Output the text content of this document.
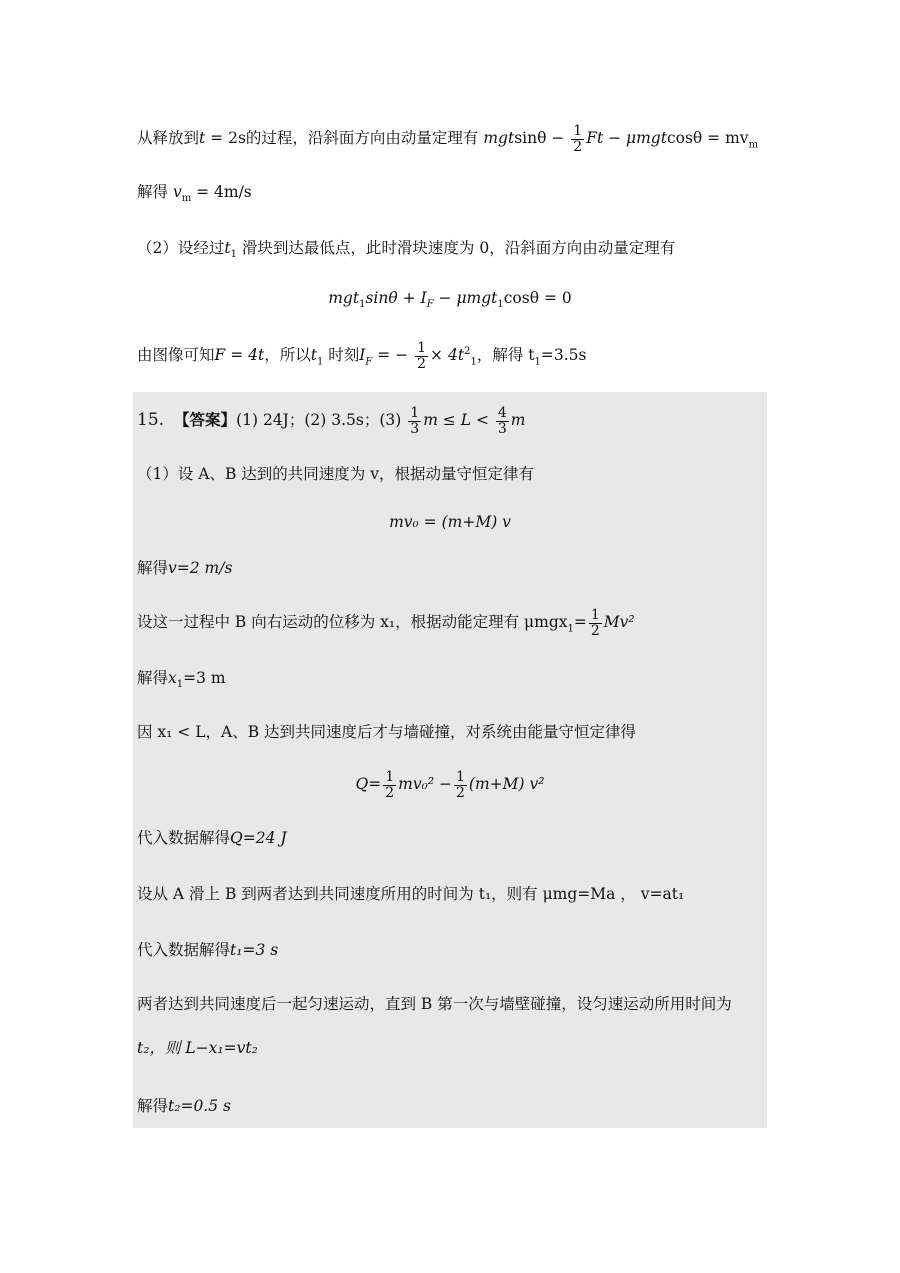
从释放到t = 2s的过程，沿斜面方向由动量定理有 $mgtsin\theta - \frac{1}{2}$ $Ft - \mu mgtcos\theta = mv_m$
解得 $v_m = 4m/s$
（2）设经过$t_1$ 滑块到达最低点，此时滑块速度为 0，沿斜面方向由动量定理有
$mgt_1\sin\theta + I_F - \mu mgt_1\cos\theta = 0$
由图像可知F = 4t，所以$t_1$ 时刻$I_F$ = − $\frac{1}{2} \times 4t^2_1$，解得 $t_1=3.5s$
15. 【答案】(1) 24J；(2) 3.5s；$(3) \frac{1}{3}$ $m \le L < \frac{4}{3}$ m
（1）设 A、B 达到的共同速度为 v，根据动量守恒定律有
mv₀ = (m+M) v
解得v=2 m/s
设这一过程中 B 向右运动的位移为 x₁，根据动能定理有 $\mu mgx_1= \frac{1}{2} Mv^2$
解得$x_1=3$ m
因 x₁ < L，A、B 达到共同速度后才与墙碰撞，对系统由能量守恒定律得
$Q= \frac{1}{2} mv_0^2 - \frac{1}{2} (m+M)$ v²
代入数据解得Q=24 J
设从 A 滑上 B 到两者达到共同速度所用的时间为 t₁，则有 μmg=Ma ， v=at₁
代入数据解得t₁=3 s
两者达到共同速度后一起匀速运动，直到 B 第一次与墙壁碰撞，设匀速运动所用时间为
t₂，则 L−x₁=vt₂
解得t₂=0.5 s
